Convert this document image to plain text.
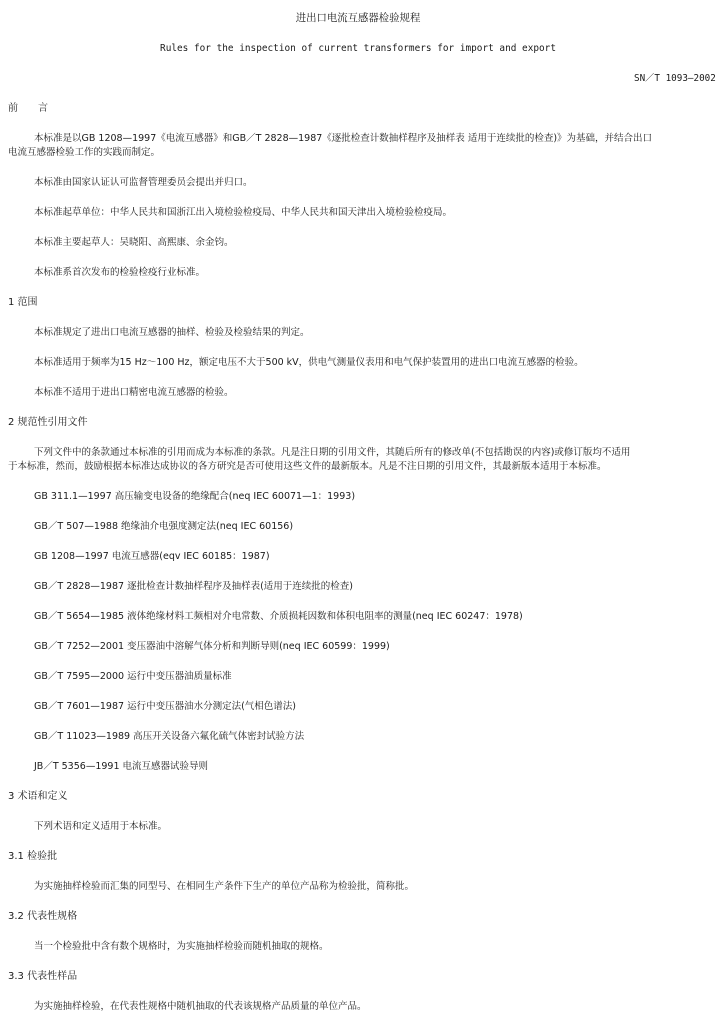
进出口电流互感器检验规程
Rules for the inspection of current transformers for import and export
SN／T 1093—2002
前　　言
本标准是以GB 1208—1997《电流互感器》和GB／T 2828—1987《逐批检查计数抽样程序及抽样表 适用于连续批的检查)》为基础，并结合出口
电流互感器检验工作的实践而制定。
本标准由国家认证认可监督管理委员会提出并归口。
本标准起草单位：中华人民共和国浙江出入境检验检疫局、中华人民共和国天津出入境检验检疫局。
本标准主要起草人：吴晓阳、高熙康、余金钧。
本标准系首次发布的检验检疫行业标准。
1 范围
本标准规定了进出口电流互感器的抽样、检验及检验结果的判定。
本标准适用于频率为15 Hz～100 Hz，额定电压不大于500 kV，供电气测量仪表用和电气保护装置用的进出口电流互感器的检验。
本标准不适用于进出口精密电流互感器的检验。
2 规范性引用文件
下列文件中的条款通过本标准的引用而成为本标准的条款。凡是注日期的引用文件，其随后所有的修改单(不包括勘误的内容)或修订版均不适用
于本标准，然而，鼓励根据本标准达成协议的各方研究是否可使用这些文件的最新版本。凡是不注日期的引用文件，其最新版本适用于本标准。
GB 311.1—1997 高压输变电设备的绝缘配合(neq IEC 60071—1：1993)
GB／T 507—1988 绝缘油介电强度测定法(neq IEC 60156)
GB 1208—1997 电流互感器(eqv IEC 60185：1987)
GB／T 2828—1987 逐批检查计数抽样程序及抽样表(适用于连续批的检查)
GB／T 5654—1985 液体绝缘材料工频相对介电常数、介质损耗因数和体积电阻率的测量(neq IEC 60247：1978)
GB／T 7252—2001 变压器油中溶解气体分析和判断导则(neq IEC 60599：1999)
GB／T 7595—2000 运行中变压器油质量标准
GB／T 7601—1987 运行中变压器油水分测定法(气相色谱法)
GB／T 11023—1989 高压开关设备六氟化硫气体密封试验方法
JB／T 5356—1991 电流互感器试验导则
3 术语和定义
下列术语和定义适用于本标准。
3.1 检验批
为实施抽样检验而汇集的同型号、在相同生产条件下生产的单位产品称为检验批，简称批。
3.2 代表性规格
当一个检验批中含有数个规格时，为实施抽样检验而随机抽取的规格。
3.3 代表性样品
为实施抽样检验，在代表性规格中随机抽取的代表该规格产品质量的单位产品。
